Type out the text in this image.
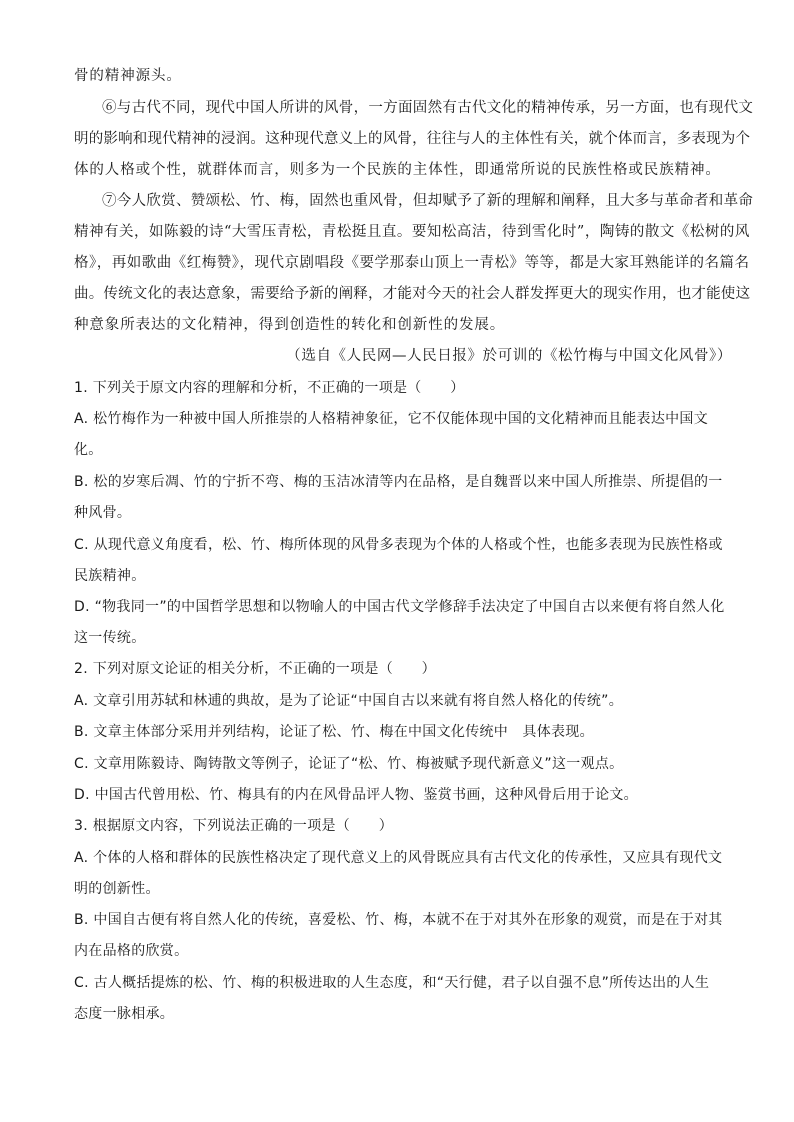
骨的精神源头。
⑥与古代不同，现代中国人所讲的风骨，一方面固然有古代文化的精神传承，另一方面，也有现代文
明的影响和现代精神的浸润。这种现代意义上的风骨，往往与人的主体性有关，就个体而言，多表现为个
体的人格或个性，就群体而言，则多为一个民族的主体性，即通常所说的民族性格或民族精神。
⑦今人欣赏、赞颂松、竹、梅，固然也重风骨，但却赋予了新的理解和阐释，且大多与革命者和革命
精神有关，如陈毅的诗“大雪压青松，青松挺且直。要知松高洁，待到雪化时”，陶铸的散文《松树的风
格》，再如歌曲《红梅赞》，现代京剧唱段《要学那泰山顶上一青松》等等，都是大家耳熟能详的名篇名
曲。传统文化的表达意象，需要给予新的阐释，才能对今天的社会人群发挥更大的现实作用，也才能使这
种意象所表达的文化精神，得到创造性的转化和创新性的发展。
（选自《人民网—人民日报》於可训的《松竹梅与中国文化风骨》）
1. 下列关于原文内容的理解和分析，不正确的一项是（　　）
A. 松竹梅作为一种被中国人所推崇的人格精神象征，它不仅能体现中国的文化精神而且能表达中国文
化。
B. 松的岁寒后凋、竹的宁折不弯、梅的玉洁冰清等内在品格，是自魏晋以来中国人所推崇、所提倡的一
种风骨。
C. 从现代意义角度看，松、竹、梅所体现的风骨多表现为个体的人格或个性，也能多表现为民族性格或
民族精神。
D. “物我同一”的中国哲学思想和以物喻人的中国古代文学修辞手法决定了中国自古以来便有将自然人化
这一传统。
2. 下列对原文论证的相关分析，不正确的一项是（　　）
A. 文章引用苏轼和林逋的典故，是为了论证“中国自古以来就有将自然人格化的传统”。
B. 文章主体部分采用并列结构，论证了松、竹、梅在中国文化传统中　具体表现。
C. 文章用陈毅诗、陶铸散文等例子，论证了“松、竹、梅被赋予现代新意义”这一观点。
D. 中国古代曾用松、竹、梅具有的内在风骨品评人物、鉴赏书画，这种风骨后用于论文。
3. 根据原文内容，下列说法正确的一项是（　　）
A. 个体的人格和群体的民族性格决定了现代意义上的风骨既应具有古代文化的传承性，又应具有现代文
明的创新性。
B. 中国自古便有将自然人化的传统，喜爱松、竹、梅，本就不在于对其外在形象的观赏，而是在于对其
内在品格的欣赏。
C. 古人概括提炼的松、竹、梅的积极进取的人生态度，和“天行健，君子以自强不息”所传达出的人生
态度一脉相承。
